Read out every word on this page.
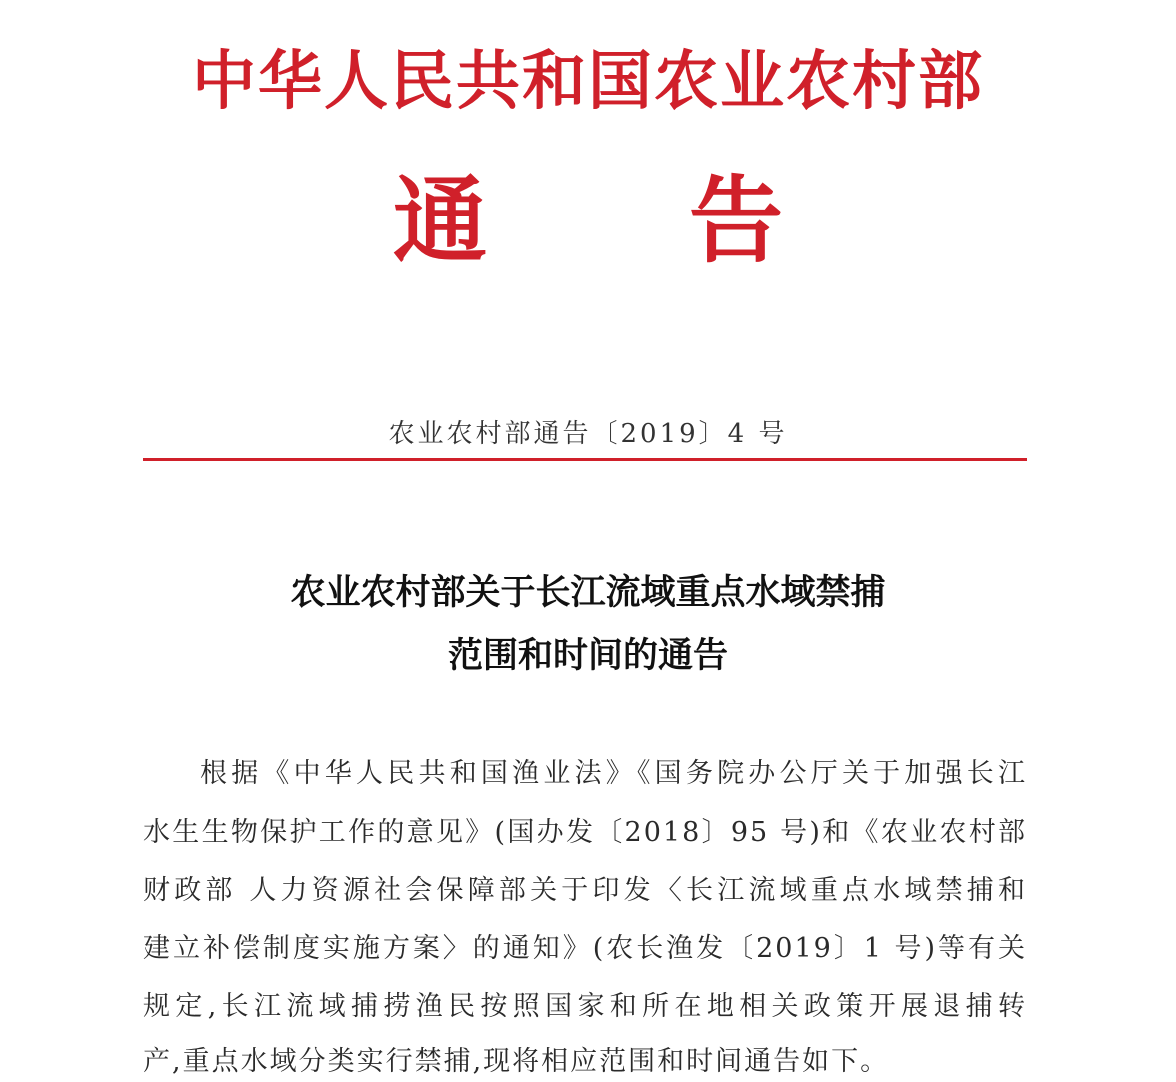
中华人民共和国农业农村部
通 告
农业农村部通告〔2019〕4 号
农业农村部关于长江流域重点水域禁捕
范围和时间的通告
根据《中华人民共和国渔业法》《国务院办公厅关于加强长江
水生生物保护工作的意见》(国办发〔2018〕95 号)和《农业农村部
财政部 人力资源社会保障部关于印发〈长江流域重点水域禁捕和
建立补偿制度实施方案〉的通知》(农长渔发〔2019〕1 号)等有关
规定,长江流域捕捞渔民按照国家和所在地相关政策开展退捕转
产,重点水域分类实行禁捕,现将相应范围和时间通告如下。
